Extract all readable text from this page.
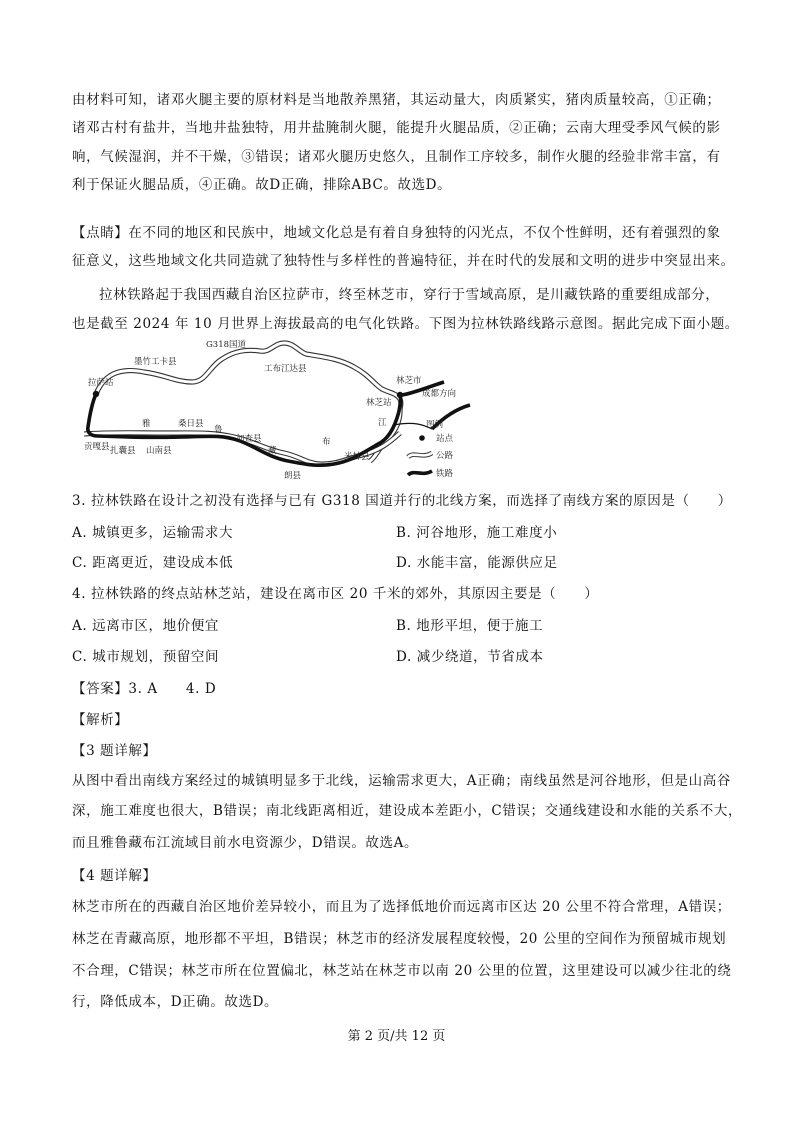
由材料可知，诸邓火腿主要的原材料是当地散养黑猪，其运动量大，肉质紧实，猪肉质量较高，①正确；
诸邓古村有盐井，当地井盐独特，用井盐腌制火腿，能提升火腿品质，②正确；云南大理受季风气候的影
响，气候湿润，并不干燥，③错误；诸邓火腿历史悠久，且制作工序较多，制作火腿的经验非常丰富，有
利于保证火腿品质，④正确。故D正确，排除ABC。故选D。
【点睛】在不同的地区和民族中，地域文化总是有着自身独特的闪光点，不仅个性鲜明，还有着强烈的象
征意义，这些地域文化共同造就了独特性与多样性的普遍特征，并在时代的发展和文明的进步中突显出来。
拉林铁路起于我国西藏自治区拉萨市，终至林芝市，穿行于雪域高原，是川藏铁路的重要组成部分，
也是截至 2024 年 10 月世界上海拔最高的电气化铁路。下图为拉林铁路线路示意图。据此完成下面小题。
G318国道
墨竹工卡县
工布江达县
拉萨站	林芝市
成都方向
林芝站
雅	桑日县
鲁
加查县
藏
布
江
贡嘎县 扎囊县 山南县
朗县
米林县
图例
站点
公路
铁路
3. 拉林铁路在设计之初没有选择与已有 G318 国道并行的北线方案，而选择了南线方案的原因是（　　）
A. 城镇更多，运输需求大	B. 河谷地形，施工难度小
C. 距离更近，建设成本低	D. 水能丰富，能源供应足
4. 拉林铁路的终点站林芝站，建设在离市区 20 千米的郊外，其原因主要是（　　）
A. 远离市区，地价便宜	B. 地形平坦，便于施工
C. 城市规划，预留空间	D. 减少绕道，节省成本
【答案】3. A　　4. D
【解析】
【3 题详解】
从图中看出南线方案经过的城镇明显多于北线，运输需求更大，A正确；南线虽然是河谷地形，但是山高谷
深，施工难度也很大，B错误；南北线距离相近，建设成本差距小，C错误；交通线建设和水能的关系不大，
而且雅鲁藏布江流域目前水电资源少，D错误。故选A。
【4 题详解】
林芝市所在的西藏自治区地价差异较小，而且为了选择低地价而远离市区达 20 公里不符合常理，A错误；
林芝在青藏高原，地形都不平坦，B错误；林芝市的经济发展程度较慢，20 公里的空间作为预留城市规划
不合理，C错误；林芝市所在位置偏北，林芝站在林芝市以南 20 公里的位置，这里建设可以减少往北的绕
行，降低成本，D正确。故选D。
第 2 页/共 12 页
